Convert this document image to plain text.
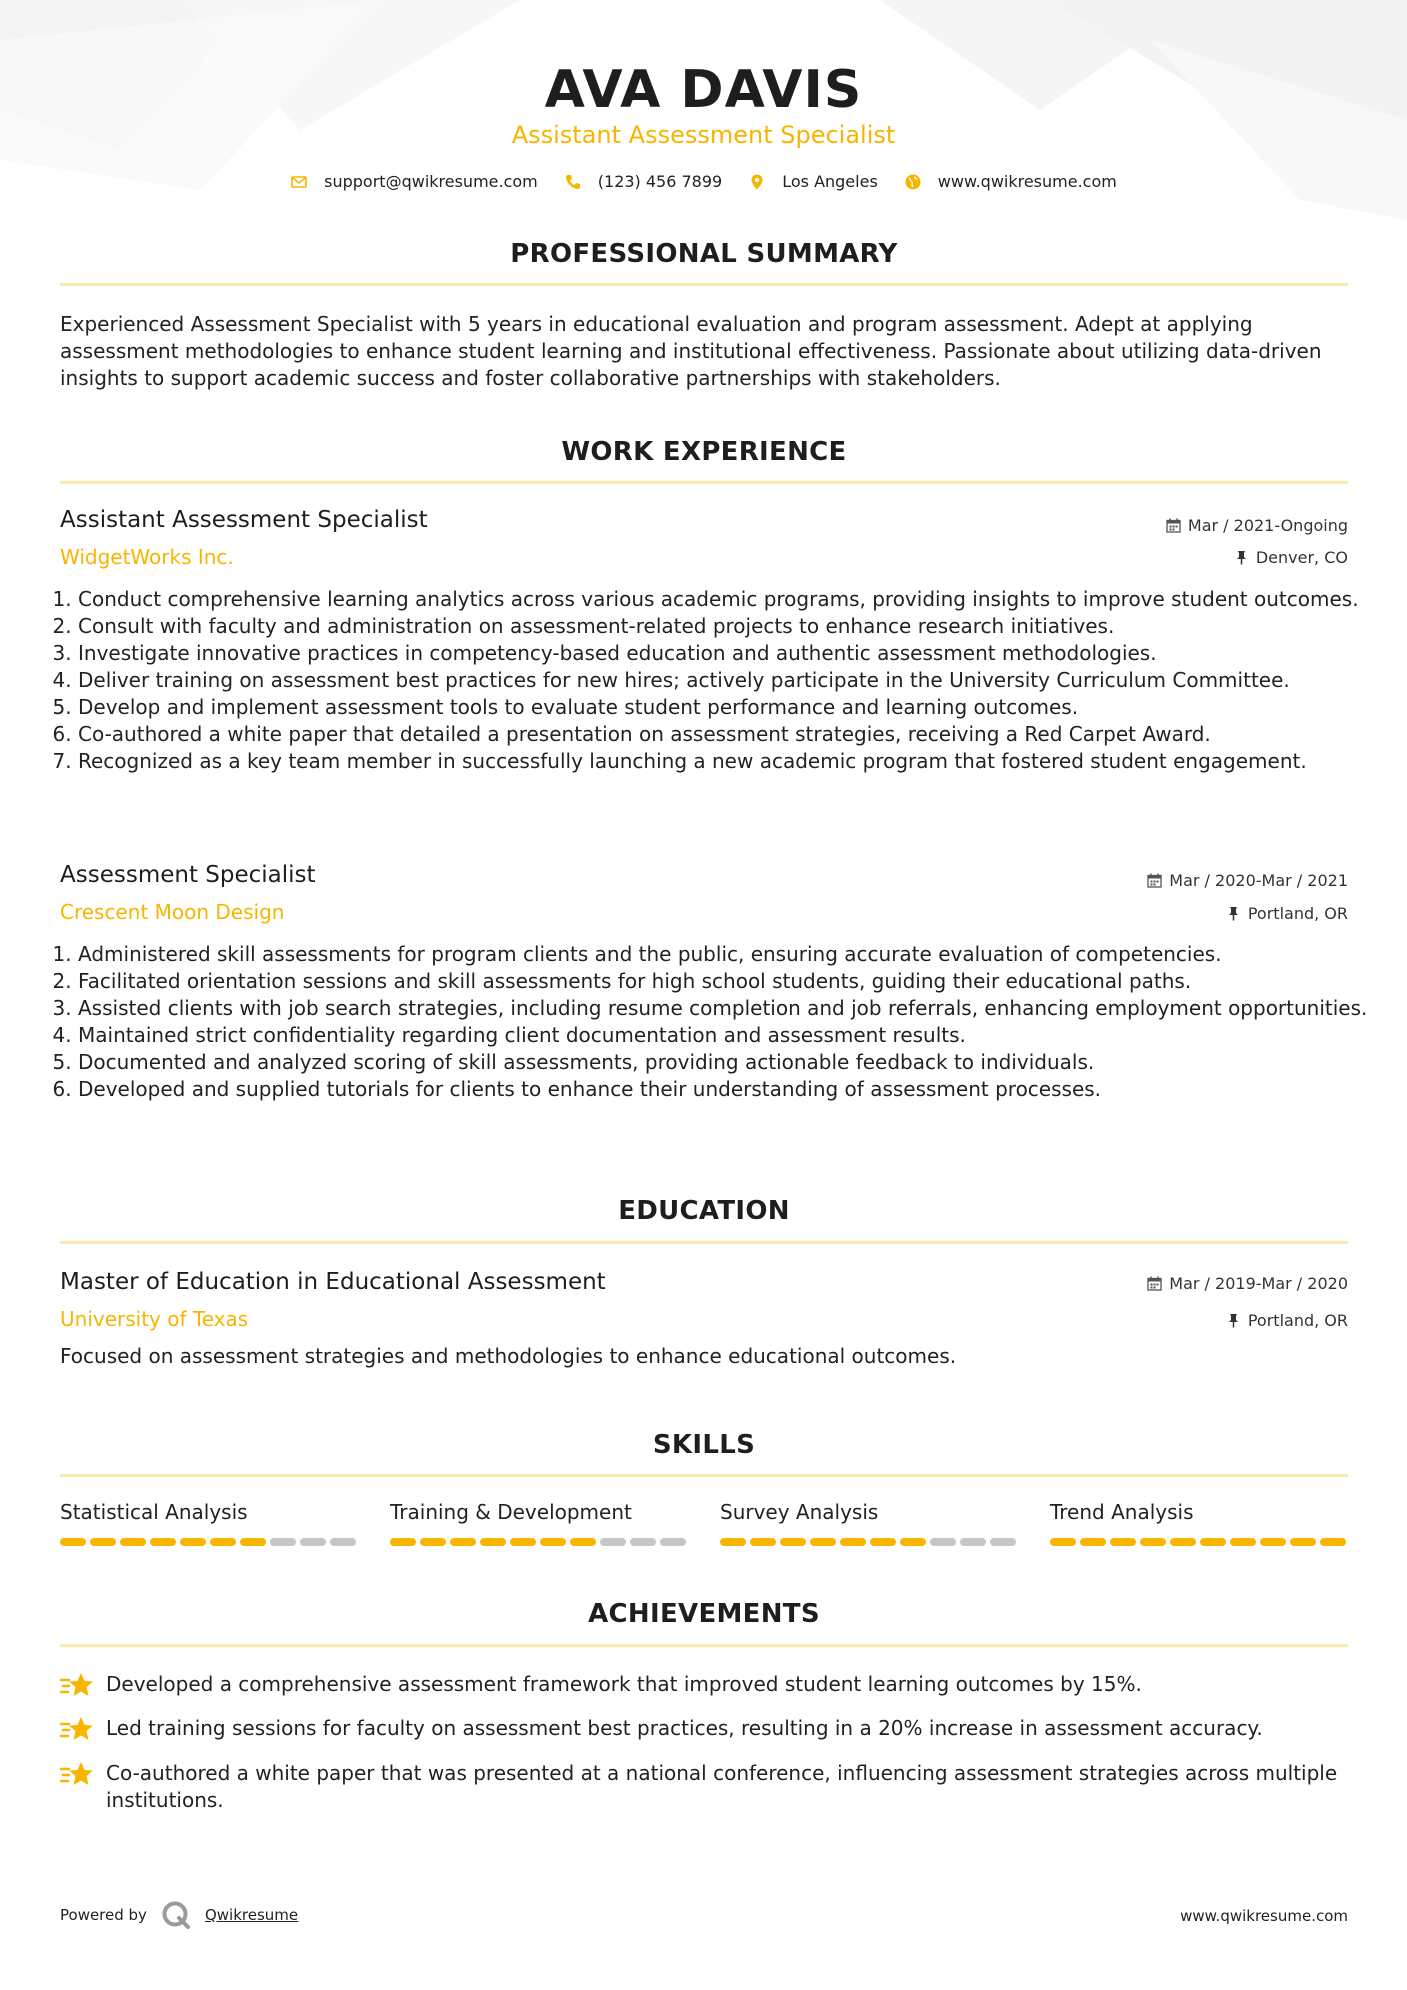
AVA DAVIS
Assistant Assessment Specialist
support@qwikresume.com	(123) 456 7899	Los Angeles	www.qwikresume.com
PROFESSIONAL SUMMARY
Experienced Assessment Specialist with 5 years in educational evaluation and program assessment. Adept at applying assessment methodologies to enhance student learning and institutional effectiveness. Passionate about utilizing data-driven insights to support academic success and foster collaborative partnerships with stakeholders.
WORK EXPERIENCE
Assistant Assessment Specialist
WidgetWorks Inc.
Mar / 2021-Ongoing
Denver, CO
1. Conduct comprehensive learning analytics across various academic programs, providing insights to improve student outcomes.
2. Consult with faculty and administration on assessment-related projects to enhance research initiatives.
3. Investigate innovative practices in competency-based education and authentic assessment methodologies.
4. Deliver training on assessment best practices for new hires; actively participate in the University Curriculum Committee.
5. Develop and implement assessment tools to evaluate student performance and learning outcomes.
6. Co-authored a white paper that detailed a presentation on assessment strategies, receiving a Red Carpet Award.
7. Recognized as a key team member in successfully launching a new academic program that fostered student engagement.
Assessment Specialist
Crescent Moon Design
Mar / 2020-Mar / 2021
Portland, OR
1. Administered skill assessments for program clients and the public, ensuring accurate evaluation of competencies.
2. Facilitated orientation sessions and skill assessments for high school students, guiding their educational paths.
3. Assisted clients with job search strategies, including resume completion and job referrals, enhancing employment opportunities.
4. Maintained strict confidentiality regarding client documentation and assessment results.
5. Documented and analyzed scoring of skill assessments, providing actionable feedback to individuals.
6. Developed and supplied tutorials for clients to enhance their understanding of assessment processes.
EDUCATION
Master of Education in Educational Assessment
University of Texas
Mar / 2019-Mar / 2020
Portland, OR
Focused on assessment strategies and methodologies to enhance educational outcomes.
SKILLS
Statistical Analysis	Training & Development	Survey Analysis	Trend Analysis
ACHIEVEMENTS
Developed a comprehensive assessment framework that improved student learning outcomes by 15%.
Led training sessions for faculty on assessment best practices, resulting in a 20% increase in assessment accuracy.
Co-authored a white paper that was presented at a national conference, influencing assessment strategies across multiple institutions.
Powered by	Qwikresume	www.qwikresume.com
